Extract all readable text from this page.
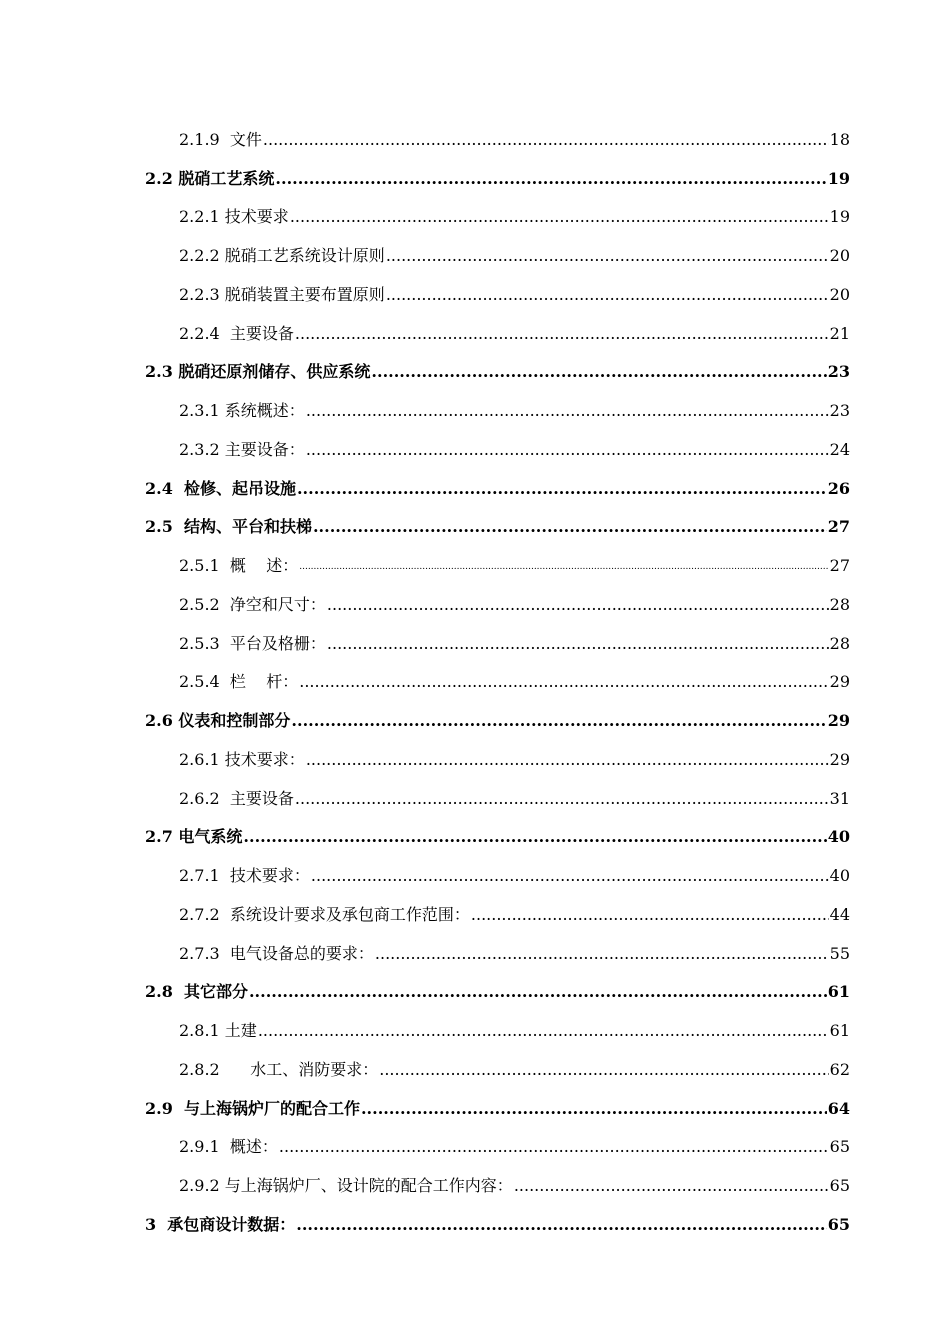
2.1.9  文件 .....	18
2.2 脱硝工艺系统 .....	19
2.2.1 技术要求 .....	19
2.2.2 脱硝工艺系统设计原则 .....	20
2.2.3 脱硝装置主要布置原则 .....	20
2.2.4  主要设备 .....	21
2.3 脱硝还原剂储存、供应系统 .....	23
2.3.1 系统概述： .....	23
2.3.2 主要设备： .....	24
2.4  检修、起吊设施 .....	26
2.5  结构、平台和扶梯 .....	27
2.5.1  概    述： .....	27
2.5.2  净空和尺寸： .....	28
2.5.3  平台及格栅： .....	28
2.5.4  栏    杆： .....	29
2.6 仪表和控制部分 .....	29
2.6.1 技术要求： .....	29
2.6.2  主要设备 .....	31
2.7 电气系统 .....	40
2.7.1  技术要求： .....	40
2.7.2  系统设计要求及承包商工作范围： .....	44
2.7.3  电气设备总的要求： .....	55
2.8  其它部分 .....	61
2.8.1 土建 .....	61
2.8.2      水工、消防要求： .....	62
2.9  与上海锅炉厂的配合工作 .....	64
2.9.1  概述： .....	65
2.9.2 与上海锅炉厂、设计院的配合工作内容： .....	65
3  承包商设计数据： .....	65
